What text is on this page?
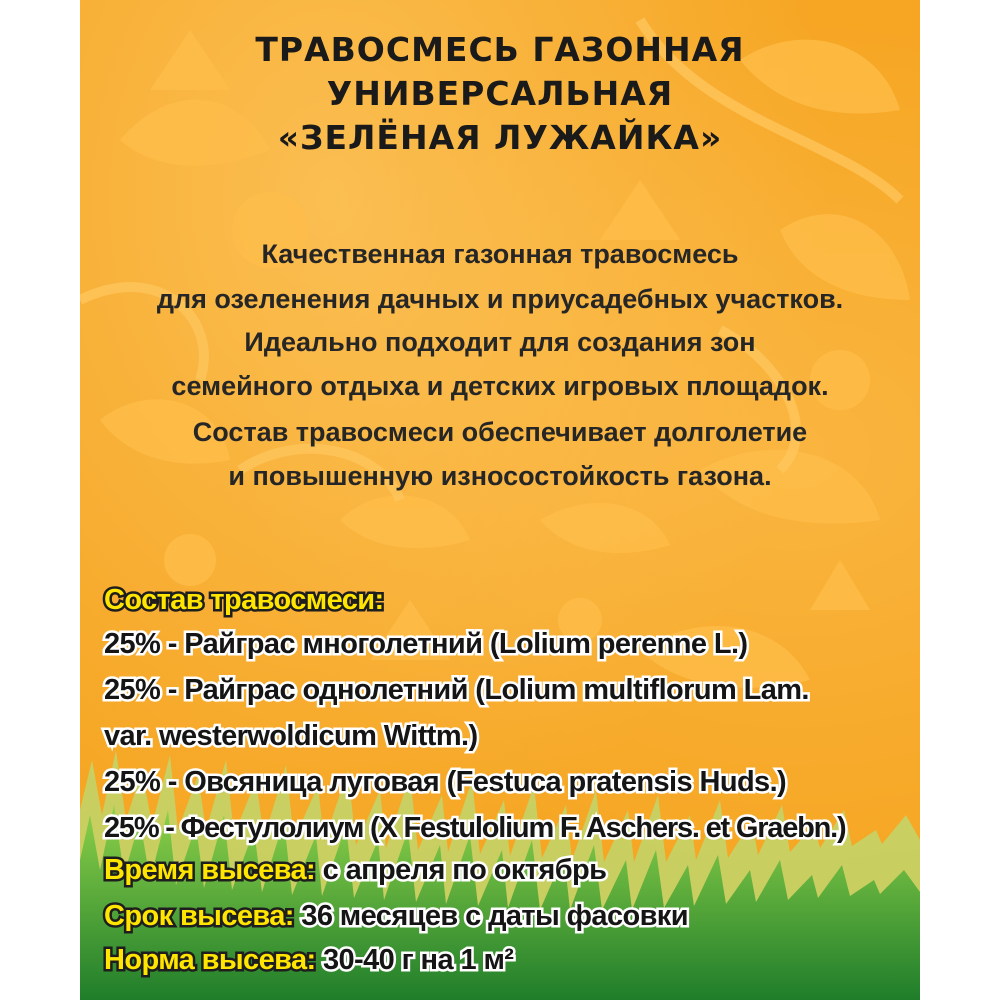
ТРАВОСМЕСЬ ГАЗОННАЯ
УНИВЕРСАЛЬНАЯ
«ЗЕЛЁНАЯ ЛУЖАЙКА»
Качественная газонная травосмесь
для озеленения дачных и приусадебных участков.
Идеально подходит для создания зон
семейного отдыха и детских игровых площадок.
Состав травосмеси обеспечивает долголетие
и повышенную износостойкость газона.
Состав травосмеси:
25% - Райграс многолетний (Lolium perenne L.)
25% - Райграс однолетний (Lolium multiflorum Lam.
var. westerwoldicum Wittm.)
25% - Овсяница луговая (Festuca pratensis Huds.)
25% - Фестулолиум (X Festulolium F. Aschers. et Graebn.)
Время высева: с апреля по октябрь
Срок высева: 36 месяцев с даты фасовки
Норма высева: 30-40 г на 1 м²
